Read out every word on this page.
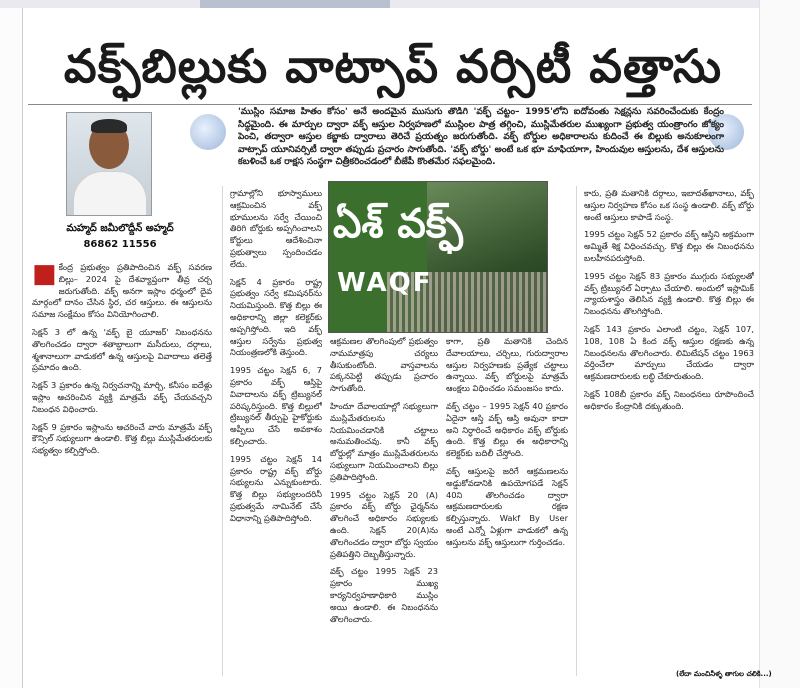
వక్ఫ్‌బిల్లుకు వాట్సాప్ వర్సిటీ వత్తాసు
మహ్మద్ జమీలొద్దీన్ అహ్మద్
86862 11556
'ముస్లిం సమాజ హితం కోసం' అనే అందమైన ముసుగు తొడిగి 'వక్ఫ్ చట్టం– 1995'లోని ఐదోవంతు సెక్షన్లను సవరించేందుకు కేంద్రం సిద్ధమైంది. ఈ మార్పుల ద్వారా వక్ఫ్ ఆస్తుల నిర్వహణలో ముస్లింల పాత్ర తగ్గించి, ముస్లిమేతరుల ముఖ్యంగా ప్రభుత్వ యంత్రాంగం జోక్యం పెంచి, తద్వారా ఆస్తుల కబ్జాకు ద్వారాలు తెరిచే ప్రయత్నం జరుగుతోంది. వక్ఫ్ బోర్డుల అధికారాలను కుదించే ఈ బిల్లుకు అనుకూలంగా వాట్సాప్ యూనివర్సిటీ ద్వారా తప్పుడు ప్రచారం సాగుతోంది. 'వక్ఫ్ బోర్డు' అంటే ఒక భూ మాఫియాగా, హిందువుల ఆస్తులను, దేశ ఆస్తులను కబళించే ఒక రాక్షస సంస్థగా చిత్రీకరించడంలో బీజేపీ కొంతమేర సఫలమైంది.
ఏశ్ వక్ఫ్
WAQF

■ కేంద్ర ప్రభుత్వం ప్రతిపాదించిన వక్ఫ్ సవరణ బిల్లు– 2024 పై దేశవ్యాప్తంగా తీవ్ర చర్చ జరుగుతోంది. వక్ఫ్ అనగా ఇస్లాం ధర్మంలో దైవ మార్గంలో దానం చేసిన స్థిర, చర ఆస్తులు. ఈ ఆస్తులను సమాజ సంక్షేమం కోసం వినియోగించాలి.

సెక్షన్ 3 లో ఉన్న 'వక్ఫ్ బై యూజర్' నిబంధనను తొలగించడం ద్వారా శతాబ్దాలుగా మసీదులు, దర్గాలు, శ్మశానాలుగా వాడుకలో ఉన్న ఆస్తులపై వివాదాలు తలెత్తే ప్రమాదం ఉంది.

సెక్షన్ 3 ప్రకారం ఉన్న నిర్వచనాన్ని మార్చి, కనీసం ఐదేళ్లు ఇస్లాం ఆచరించిన వ్యక్తి మాత్రమే వక్ఫ్ చేయవచ్చని నిబంధన విధించారు.

సెక్షన్ 9 ప్రకారం ఇస్లాంను ఆచరించే వారు మాత్రమే వక్ఫ్ కౌన్సిల్ సభ్యులుగా ఉండాలి. కొత్త బిల్లు ముస్లిమేతరులకు సభ్యత్వం కల్పిస్తోంది.

గ్రామాల్లోని భూస్వాములు ఆక్రమించిన వక్ఫ్ భూములను సర్వే చేయించి తిరిగి బోర్డుకు అప్పగించాలని కోర్టులు ఆదేశించినా ప్రభుత్వాలు స్పందించడం లేదు.

సెక్షన్ 4 ప్రకారం రాష్ట్ర ప్రభుత్వం సర్వే కమిషనర్‌ను నియమిస్తుంది. కొత్త బిల్లు ఈ అధికారాన్ని జిల్లా కలెక్టర్‌కు అప్పగిస్తోంది. ఇది వక్ఫ్ ఆస్తుల సర్వేను ప్రభుత్వ నియంత్రణలోకి తెస్తుంది.

1995 చట్టం సెక్షన్ 6, 7 ప్రకారం వక్ఫ్ ఆస్తిపై వివాదాలను వక్ఫ్ ట్రిబ్యునల్ పరిష్కరిస్తుంది. కొత్త బిల్లులో ట్రిబ్యునల్ తీర్పుపై హైకోర్టుకు అప్పీలు చేసే అవకాశం కల్పించారు.

1995 చట్టం సెక్షన్ 14 ప్రకారం రాష్ట్ర వక్ఫ్ బోర్డు సభ్యులను ఎన్నుకుంటారు. కొత్త బిల్లు సభ్యులందరినీ ప్రభుత్వమే నామినేట్ చేసే విధానాన్ని ప్రతిపాదిస్తోంది.

ఆక్రమణల తొలగింపులో ప్రభుత్వం నామమాత్రపు చర్యలు తీసుకుంటోంది. వాస్తవాలను పక్కనపెట్టి తప్పుడు ప్రచారం సాగుతోంది.

హిందూ దేవాలయాల్లో సభ్యులుగా ముస్లిమేతరులను నియమించడానికి చట్టాలు అనుమతించవు. కానీ వక్ఫ్ బోర్డుల్లో మాత్రం ముస్లిమేతరులను సభ్యులుగా నియమించాలని బిల్లు ప్రతిపాదిస్తోంది.

1995 చట్టం సెక్షన్ 20 (A) ప్రకారం వక్ఫ్ బోర్డు ఛైర్మన్‌ను తొలగించే అధికారం సభ్యులకు ఉంది. సెక్షన్ 20(A)ను తొలగించడం ద్వారా బోర్డు స్వయం ప్రతిపత్తిని దెబ్బతీస్తున్నారు.

వక్ఫ్ చట్టం 1995 సెక్షన్ 23 ప్రకారం ముఖ్య కార్యనిర్వహణాధికారి ముస్లిం అయి ఉండాలి. ఈ నిబంధనను తొలగించారు.

కాగా, ప్రతి మతానికి చెందిన దేవాలయాలు, చర్చిలు, గురుద్వారాల ఆస్తుల నిర్వహణకు ప్రత్యేక చట్టాలు ఉన్నాయి. వక్ఫ్ బోర్డులపై మాత్రమే ఆంక్షలు విధించడం సమంజసం కాదు.

వక్ఫ్ చట్టం – 1995 సెక్షన్ 40 ప్రకారం ఏదైనా ఆస్తి వక్ఫ్ ఆస్తి అవునా కాదా అని నిర్ధారించే అధికారం వక్ఫ్ బోర్డుకు ఉంది. కొత్త బిల్లు ఈ అధికారాన్ని కలెక్టర్‌కు బదిలీ చేస్తోంది.

వక్ఫ్ ఆస్తులపై జరిగే ఆక్రమణలను అడ్డుకోవడానికి ఉపయోగపడే సెక్షన్ 40ని తొలగించడం ద్వారా ఆక్రమణదారులకు రక్షణ కల్పిస్తున్నారు. Wakf By User అంటే ఎన్నో ఏళ్లుగా వాడుకలో ఉన్న ఆస్తులను వక్ఫ్ ఆస్తులుగా గుర్తించడం.

కారు, ప్రతి మతానికి దర్గాలు, ఇబాదత్‌ఖానాలు, వక్ఫ్ ఆస్తుల నిర్వహణ కోసం ఒక సంస్థ ఉండాలి. వక్ఫ్ బోర్డు అంటే ఆస్తులు కాపాడే సంస్థ.

1995 చట్టం సెక్షన్ 52 ప్రకారం వక్ఫ్ ఆస్తిని అక్రమంగా అమ్మితే శిక్ష విధించవచ్చు. కొత్త బిల్లు ఈ నిబంధనను బలహీనపరుస్తోంది.

1995 చట్టం సెక్షన్ 83 ప్రకారం ముగ్గురు సభ్యులతో వక్ఫ్ ట్రిబ్యునల్ ఏర్పాటు చేయాలి. అందులో ఇస్లామిక్ న్యాయశాస్త్రం తెలిసిన వ్యక్తి ఉండాలి. కొత్త బిల్లు ఈ నిబంధనను తొలగిస్తోంది.

సెక్షన్ 143 ప్రకారం ఎలాంటి చట్టం, సెక్షన్ 107, 108, 108 ఏ కింద వక్ఫ్ ఆస్తుల రక్షణకు ఉన్న నిబంధనలను తొలగించారు. లిమిటేషన్ చట్టం 1963 వర్తించేలా మార్పులు చేయడం ద్వారా ఆక్రమణదారులకు లబ్ధి చేకూరుతుంది.

సెక్షన్ 108బీ ప్రకారం వక్ఫ్ నిబంధనలు రూపొందించే అధికారం కేంద్రానికి దక్కుతుంది.

(లేదా మంచినీళ్ళ తాగుల చలికి...)
